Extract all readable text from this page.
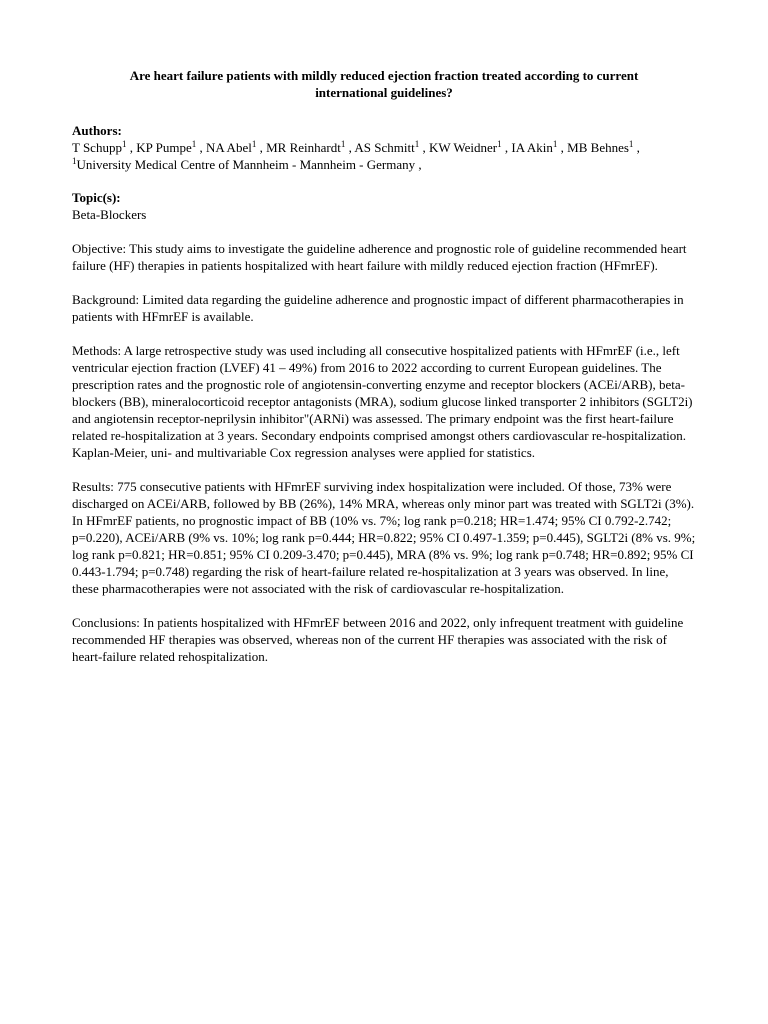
Are heart failure patients with mildly reduced ejection fraction treated according to current international guidelines?
Authors:
T Schupp$^1$ , KP Pumpe$^1$ , NA Abel$^1$ , MR Reinhardt$^1$ , AS Schmitt$^1$ , KW Weidner$^1$ , IA Akin$^1$ , MB Behnes$^1$ ,
$^1$University Medical Centre of Mannheim - Mannheim - Germany ,
Topic(s):
Beta-Blockers

Objective: This study aims to investigate the guideline adherence and prognostic role of guideline recommended heart failure (HF) therapies in patients hospitalized with heart failure with mildly reduced ejection fraction (HFmrEF).

Background: Limited data regarding the guideline adherence and prognostic impact of different pharmacotherapies in patients with HFmrEF is available.

Methods: A large retrospective study was used including all consecutive hospitalized patients with HFmrEF (i.e., left ventricular ejection fraction (LVEF) 41 – 49%) from 2016 to 2022 according to current European guidelines. The prescription rates and the prognostic role of angiotensin-converting enzyme and receptor blockers (ACEi/ARB), beta-blockers (BB), mineralocorticoid receptor antagonists (MRA), sodium glucose linked transporter 2 inhibitors (SGLT2i) and angiotensin receptor-neprilysin inhibitor"(ARNi) was assessed. The primary endpoint was the first heart-failure related re-hospitalization at 3 years. Secondary endpoints comprised amongst others cardiovascular re-hospitalization. Kaplan-Meier, uni- and multivariable Cox regression analyses were applied for statistics.

Results: 775 consecutive patients with HFmrEF surviving index hospitalization were included. Of those, 73% were discharged on ACEi/ARB, followed by BB (26%), 14% MRA, whereas only minor part was treated with SGLT2i (3%). In HFmrEF patients, no prognostic impact of BB (10% vs. 7%; log rank p=0.218; HR=1.474; 95% CI 0.792-2.742; p=0.220), ACEi/ARB (9% vs. 10%; log rank p=0.444; HR=0.822; 95% CI 0.497-1.359; p=0.445), SGLT2i (8% vs. 9%; log rank p=0.821; HR=0.851; 95% CI 0.209-3.470; p=0.445), MRA (8% vs. 9%; log rank p=0.748; HR=0.892; 95% CI 0.443-1.794; p=0.748) regarding the risk of heart-failure related re-hospitalization at 3 years was observed. In line, these pharmacotherapies were not associated with the risk of cardiovascular re-hospitalization.

Conclusions: In patients hospitalized with HFmrEF between 2016 and 2022, only infrequent treatment with guideline recommended HF therapies was observed, whereas non of the current HF therapies was associated with the risk of heart-failure related rehospitalization.
